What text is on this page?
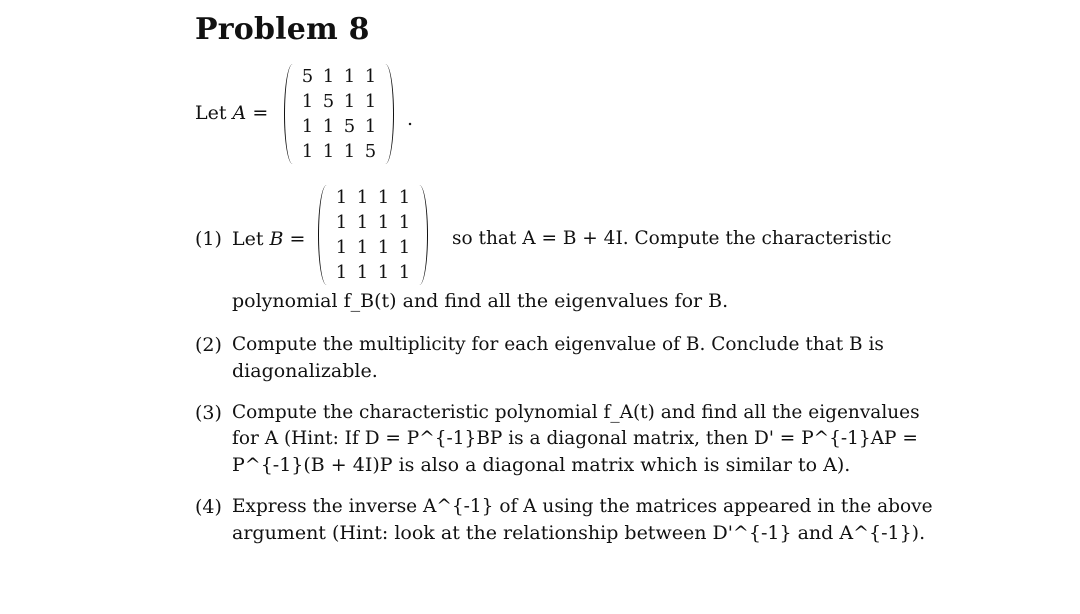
Problem 8
Let A =
5 1 1 1
1 5 1 1
1 1 5 1
1 1 1 5
.
(1) Let B =
1 1 1 1
1 1 1 1
1 1 1 1
1 1 1 1
so that A = B + 4I. Compute the characteristic
polynomial f_B(t) and find all the eigenvalues for B.
(2) Compute the multiplicity for each eigenvalue of B. Conclude that B is
diagonalizable.
(3) Compute the characteristic polynomial f_A(t) and find all the eigenvalues
for A (Hint: If D = P^{-1}BP is a diagonal matrix, then D' = P^{-1}AP =
P^{-1}(B + 4I)P is also a diagonal matrix which is similar to A).
(4) Express the inverse A^{-1} of A using the matrices appeared in the above
argument (Hint: look at the relationship between D'^{-1} and A^{-1}).
